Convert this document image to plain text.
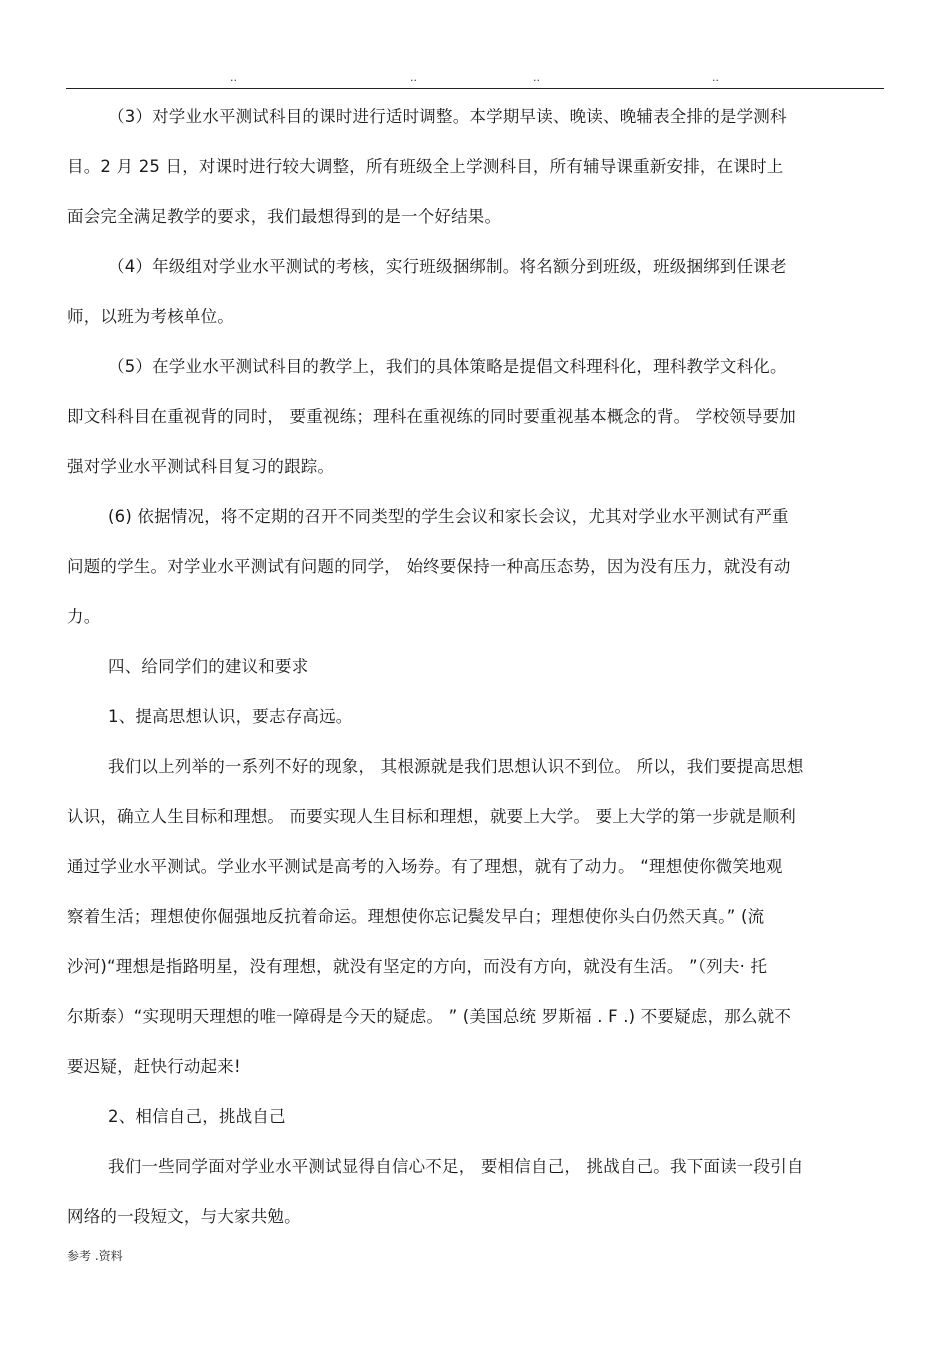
..	..	..	..
（3）对学业水平测试科目的课时进行适时调整。本学期早读、晚读、晚辅表全排的是学测科
目。2 月 25 日，对课时进行较大调整，所有班级全上学测科目，所有辅导课重新安排，在课时上
面会完全满足教学的要求，我们最想得到的是一个好结果。
（4）年级组对学业水平测试的考核，实行班级捆绑制。将名额分到班级，班级捆绑到任课老
师，以班为考核单位。
（5）在学业水平测试科目的教学上，我们的具体策略是提倡文科理科化，理科教学文科化。
即文科科目在重视背的同时， 要重视练；理科在重视练的同时要重视基本概念的背。 学校领导要加
强对学业水平测试科目复习的跟踪。
(6) 依据情况，将不定期的召开不同类型的学生会议和家长会议，尤其对学业水平测试有严重
问题的学生。对学业水平测试有问题的同学， 始终要保持一种高压态势，因为没有压力，就没有动
力。
四、给同学们的建议和要求
1、提高思想认识，要志存高远。
我们以上列举的一系列不好的现象， 其根源就是我们思想认识不到位。 所以，我们要提高思想
认识，确立人生目标和理想。 而要实现人生目标和理想，就要上大学。 要上大学的第一步就是顺利
通过学业水平测试。学业水平测试是高考的入场券。有了理想，就有了动力。 “理想使你微笑地观
察着生活；理想使你倔强地反抗着命运。理想使你忘记鬓发早白；理想使你头白仍然天真。” (流
沙河)“理想是指路明星，没有理想，就没有坚定的方向，而没有方向，就没有生活。 ”（列夫· 托
尔斯泰）“实现明天理想的唯一障碍是今天的疑虑。 ” (美国总统 罗斯福 . F .) 不要疑虑，那么就不
要迟疑，赶快行动起来!
2、相信自己，挑战自己
我们一些同学面对学业水平测试显得自信心不足， 要相信自己， 挑战自己。我下面读一段引自
网络的一段短文，与大家共勉。
参考 .资料
